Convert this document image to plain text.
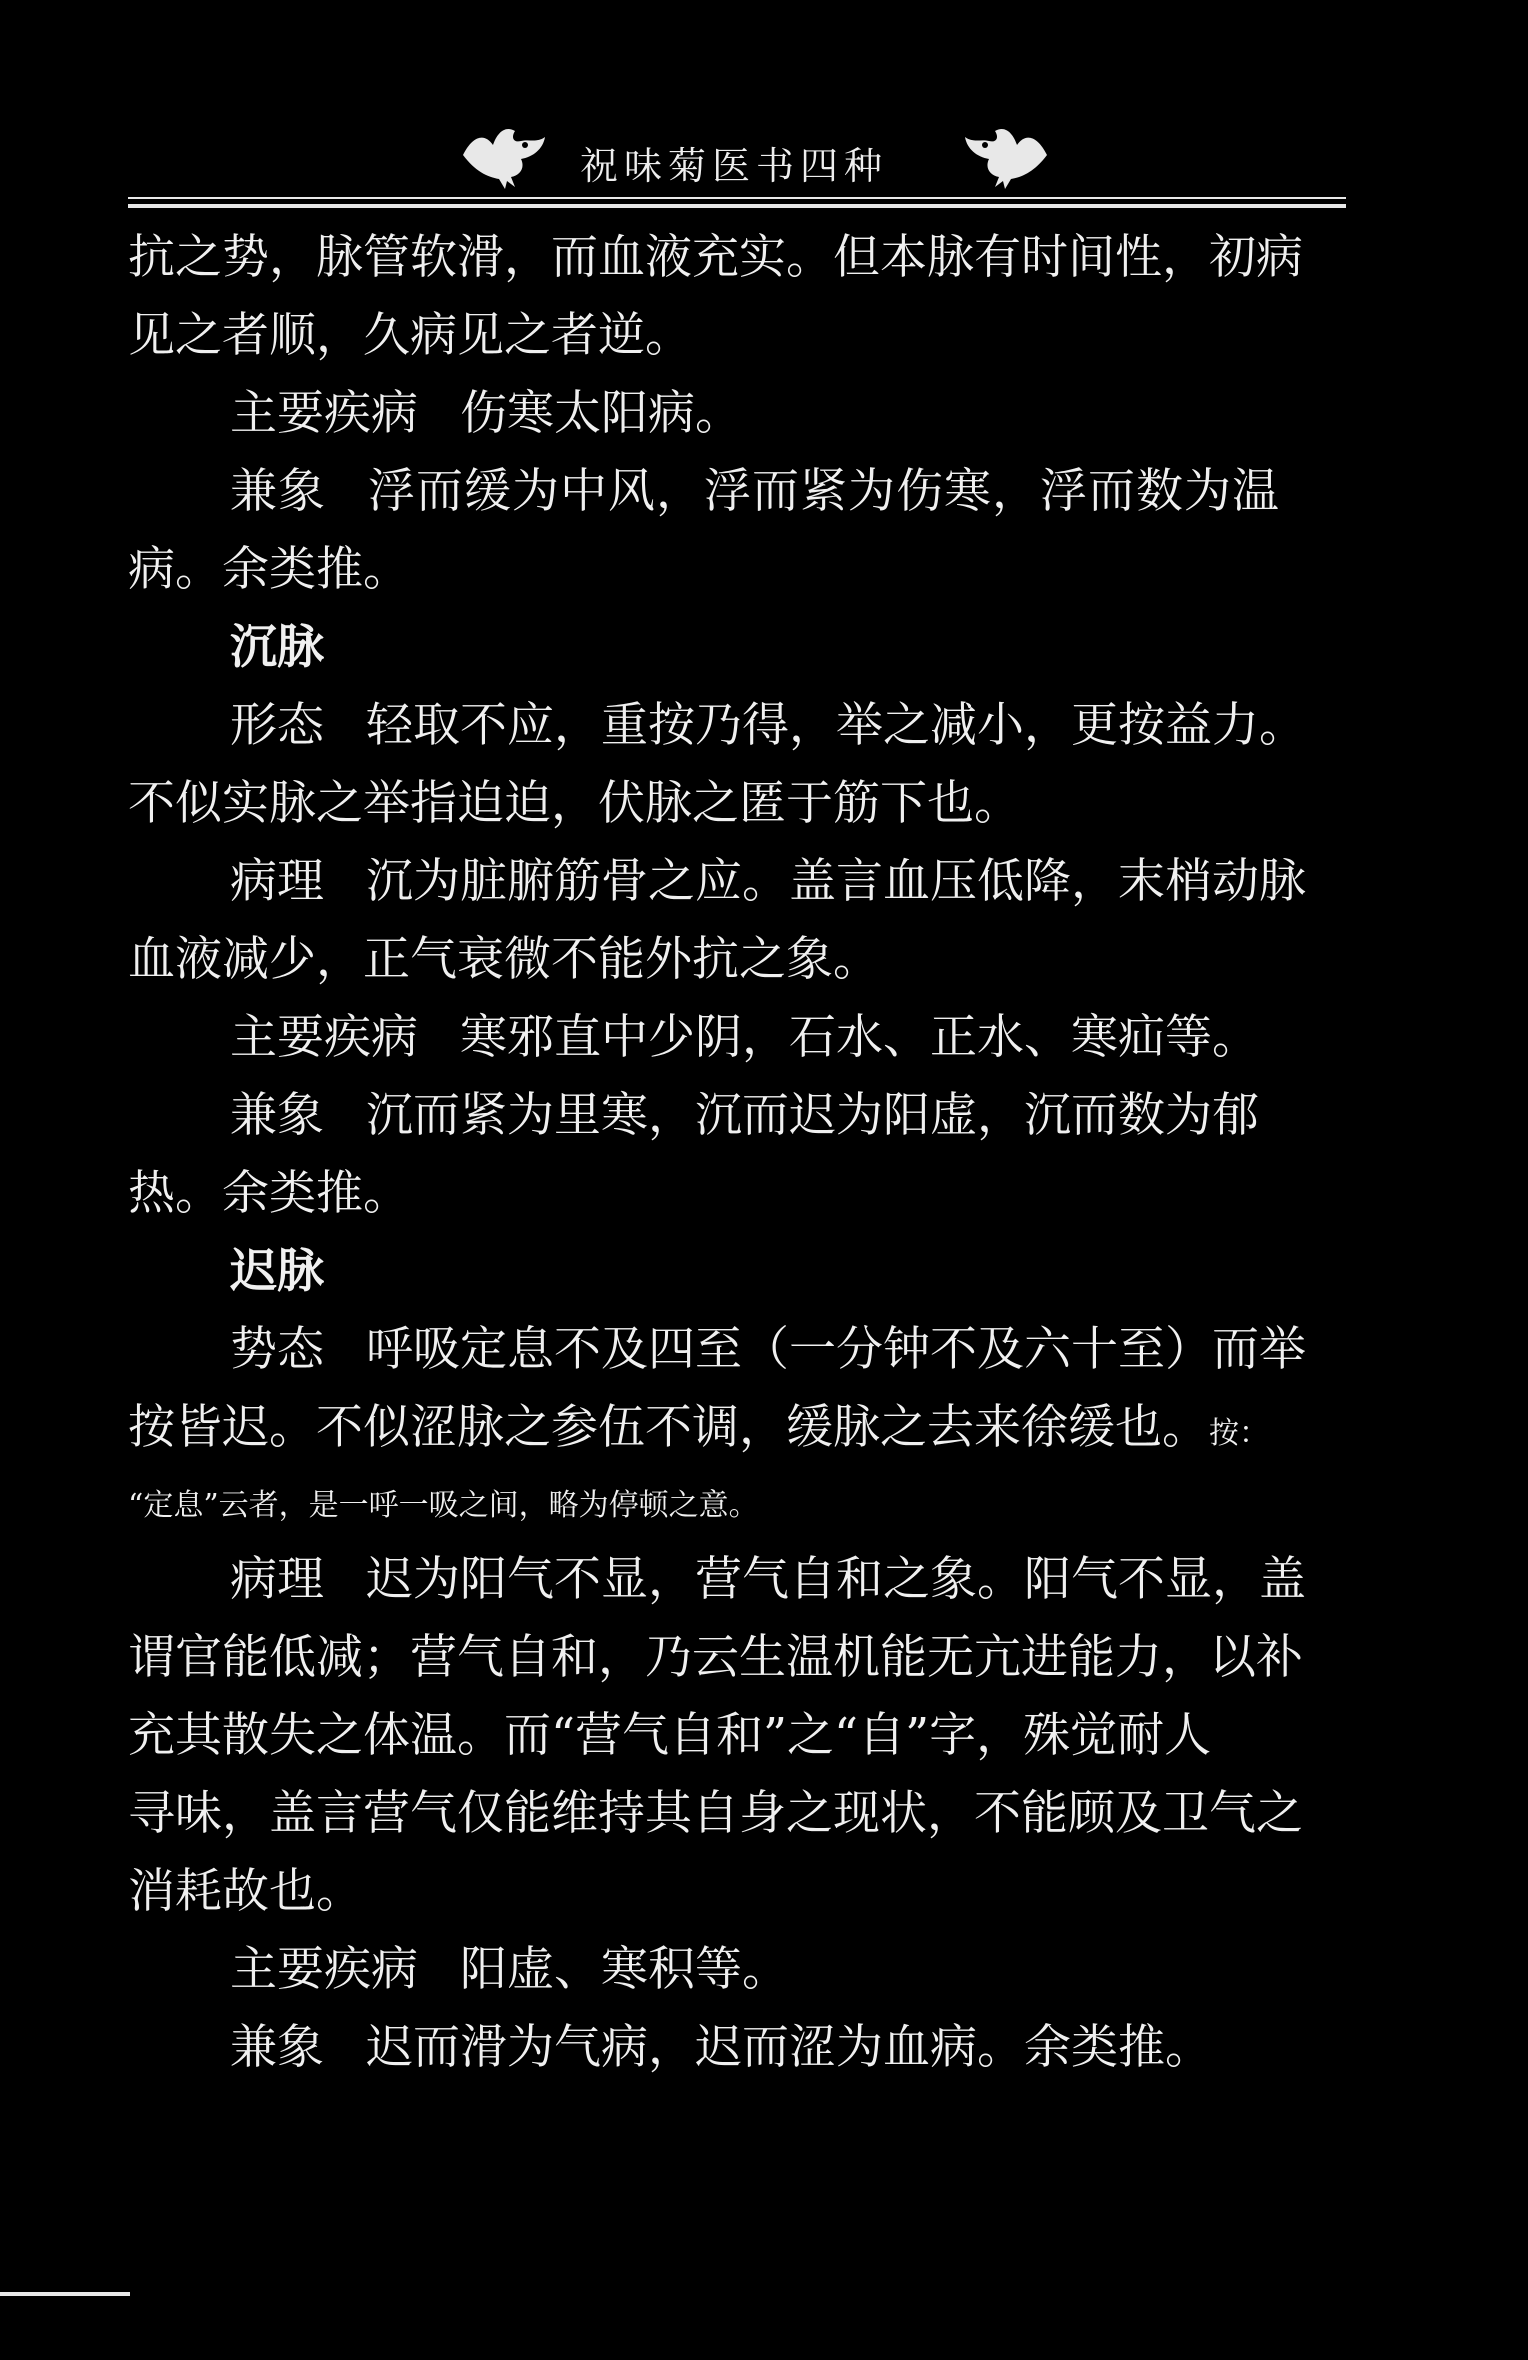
祝味菊医书四种
抗之势，脉管软滑，而血液充实。但本脉有时间性，初病
见之者顺，久病见之者逆。
主要疾病 伤寒太阳病。
兼象 浮而缓为中风，浮而紧为伤寒，浮而数为温
病。余类推。
沉脉
形态 轻取不应，重按乃得，举之减小，更按益力。
不似实脉之举指迫迫，伏脉之匿于筋下也。
病理 沉为脏腑筋骨之应。盖言血压低降，末梢动脉
血液减少，正气衰微不能外抗之象。
主要疾病 寒邪直中少阴，石水、正水、寒疝等。
兼象 沉而紧为里寒，沉而迟为阳虚，沉而数为郁
热。余类推。
迟脉
势态 呼吸定息不及四至（一分钟不及六十至）而举
按皆迟。不似涩脉之参伍不调，缓脉之去来徐缓也。按：
“定息”云者，是一呼一吸之间，略为停顿之意。
病理 迟为阳气不显，营气自和之象。阳气不显，盖
谓官能低减；营气自和，乃云生温机能无亢进能力，以补
充其散失之体温。而“营气自和”之“自”字，殊觉耐人
寻味，盖言营气仅能维持其自身之现状，不能顾及卫气之
消耗故也。
主要疾病 阳虚、寒积等。
兼象 迟而滑为气病，迟而涩为血病。余类推。
